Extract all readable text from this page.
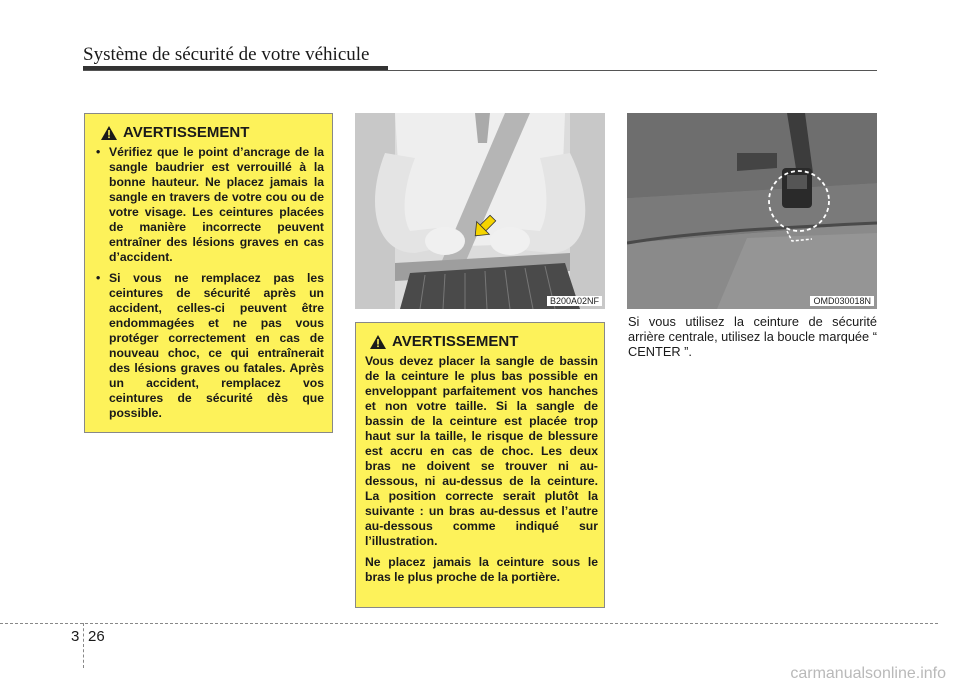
Système de sécurité de votre véhicule
AVERTISSEMENT
• Vérifiez que le point d’ancrage de la sangle baudrier est verrouillé à la bonne hauteur. Ne placez jamais la sangle en travers de votre cou ou de votre visage. Les ceintures placées de manière incorrecte peuvent entraîner des lésions graves en cas d’accident.
• Si vous ne remplacez pas les ceintures de sécurité après un accident, celles-ci peuvent être endommagées et ne pas vous protéger correctement en cas de nouveau choc, ce qui entraînerait des lésions graves ou fatales. Après un accident, remplacez vos ceintures de sécurité dès que possible.
B200A02NF	OMD030018N
AVERTISSEMENT

Vous devez placer la sangle de bassin de la ceinture le plus bas possible en enveloppant parfaitement vos hanches et non votre taille. Si la sangle de bassin de la ceinture est placée trop haut sur la taille, le risque de blessure est accru en cas de choc. Les deux bras ne doivent se trouver ni au-dessous, ni au-dessus de la ceinture. La position correcte serait plutôt la suivante : un bras au-dessus et l’autre au-dessous comme indiqué sur l’illustration.

Ne placez jamais la ceinture sous le bras le plus proche de la portière.

Si vous utilisez la ceinture de sécurité arrière centrale, utilisez la boucle marquée “ CENTER ”.
3 26
carmanualsonline.info
